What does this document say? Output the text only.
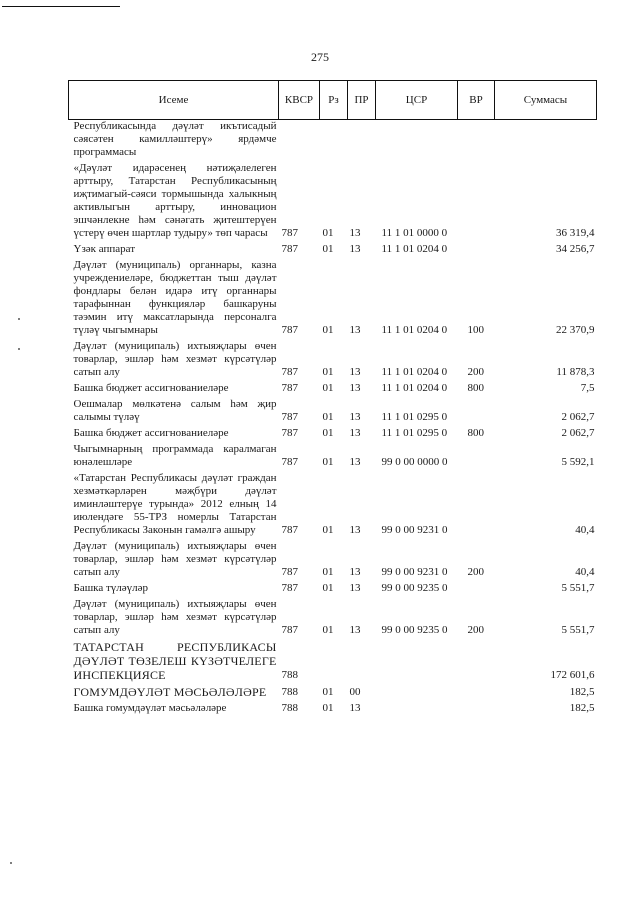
275
Исеме	КВСР	Рз	ПР	ЦСР	ВР	Суммасы
Республикасында дәүләт икътисадый сәясәтен камилләштерү» ярдәмче программасы						
«Дәүләт идарәсенең нәтиҗәлелеген арттыру, Татарстан Республикасының иҗтимагый-сәяси тормышында халыкның активлыгын арттыру, инновацион эшчәнлекне һәм сәнәгать җитештерүен үстерү өчен шартлар тудыру» төп чарасы	787	01	13	11 1 01 0000 0		36 319,4
Үзәк аппарат	787	01	13	11 1 01 0204 0		34 256,7
Дәүләт (муниципаль) органнары, казна учреждениеләре, бюджеттан тыш дәүләт фондлары белән идарә итү органнары тарафыннан функцияләр башкаруны тәэмин итү максатларында персоналга түләү чыгымнары	787	01	13	11 1 01 0204 0	100	22 370,9
Дәүләт (муниципаль) ихтыяҗлары өчен товарлар, эшләр һәм хезмәт күрсәтүләр сатып алу	787	01	13	11 1 01 0204 0	200	11 878,3
Башка бюджет ассигнованиеләре	787	01	13	11 1 01 0204 0	800	7,5
Оешмалар мөлкәтенә салым һәм җир салымы түләү	787	01	13	11 1 01 0295 0		2 062,7
Башка бюджет ассигнованиеләре	787	01	13	11 1 01 0295 0	800	2 062,7
Чыгымнарның программада каралмаган юнәлешләре	787	01	13	99 0 00 0000 0		5 592,1
«Татарстан Республикасы дәүләт граждан хезмәткәрләрен мәҗбүри дәүләт иминләштерүе турында» 2012 елның 14 июлендәге 55-ТРЗ номерлы Татарстан Республикасы Законын гамәлгә ашыру	787	01	13	99 0 00 9231 0		40,4
Дәүләт (муниципаль) ихтыяҗлары өчен товарлар, эшләр һәм хезмәт күрсәтүләр сатып алу	787	01	13	99 0 00 9231 0	200	40,4
Башка түләүләр	787	01	13	99 0 00 9235 0		5 551,7
Дәүләт (муниципаль) ихтыяҗлары өчен товарлар, эшләр һәм хезмәт күрсәтүләр сатып алу	787	01	13	99 0 00 9235 0	200	5 551,7
ТАТАРСТАН РЕСПУБЛИКАСЫ ДӘҮЛӘТ ТӨЗЕЛЕШ КҮЗӘТЧЕЛЕГЕ ИНСПЕКЦИЯСЕ	788					172 601,6
ГОМУМДӘҮЛӘТ МӘСЬӘЛӘЛӘРЕ	788	01	00			182,5
Башка гомумдәүләт мәсьәләләре	788	01	13			182,5
